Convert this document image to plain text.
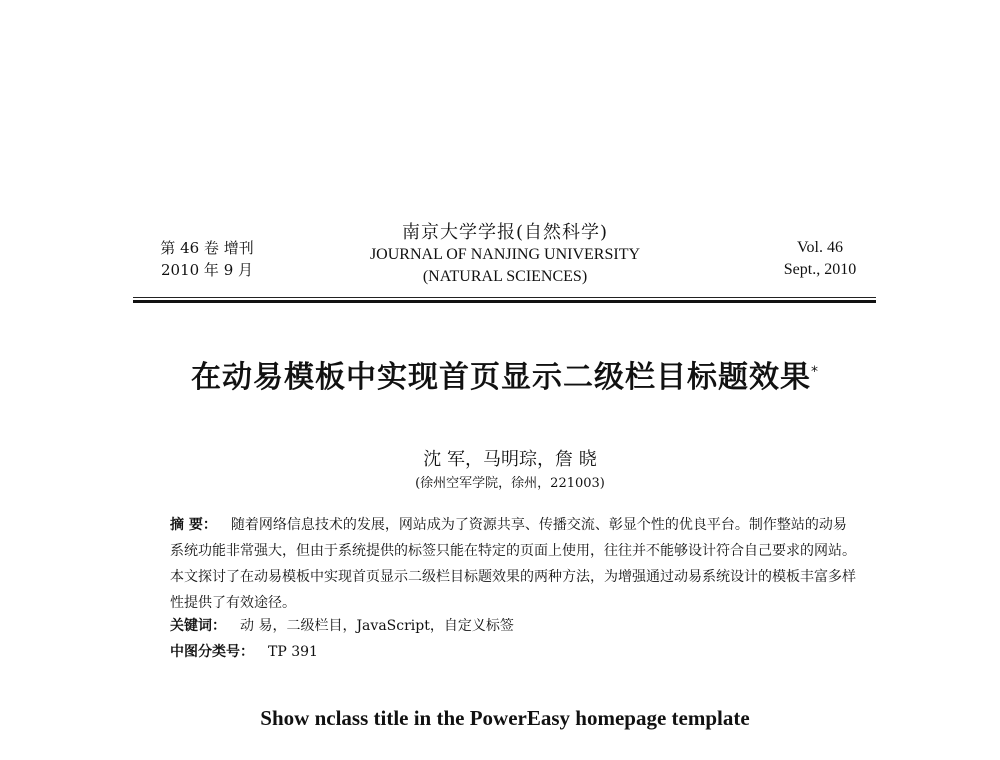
第 46 卷 增刊
2010 年 9 月
南京大学学报(自然科学)
JOURNAL OF NANJING UNIVERSITY
(NATURAL SCIENCES)
Vol. 46
Sept., 2010
在动易模板中实现首页显示二级栏目标题效果*
沈 军，马明琮，詹 晓
(徐州空军学院，徐州，221003)
摘 要： 随着网络信息技术的发展，网站成为了资源共享、传播交流、彰显个性的优良平台。制作整站的动易系统功能非常强大，但由于系统提供的标签只能在特定的页面上使用，往往并不能够设计符合自己要求的网站。本文探讨了在动易模板中实现首页显示二级栏目标题效果的两种方法，为增强通过动易系统设计的模板丰富多样性提供了有效途径。
关键词： 动 易，二级栏目，JavaScript，自定义标签
中图分类号： TP 391
Show nclass title in the PowerEasy homepage template
